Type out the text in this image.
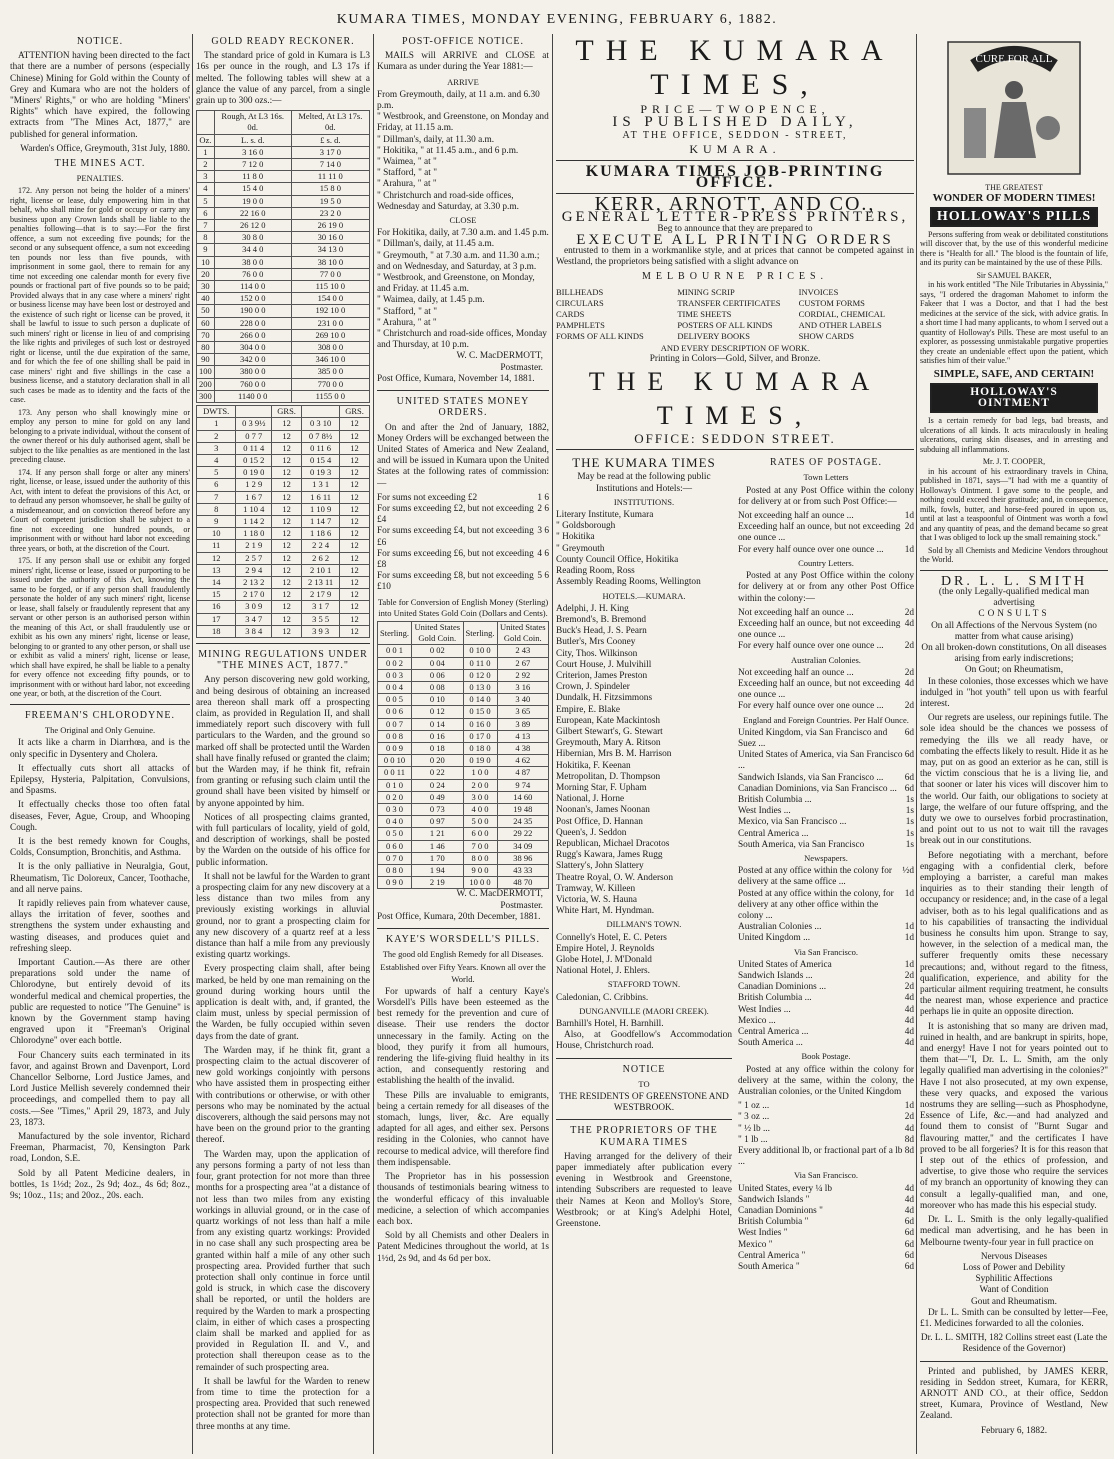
KUMARA TIMES, MONDAY EVENING, FEBRUARY 6, 1882.
NOTICE.

ATTENTION having been directed to the fact that there are a number of persons (especially Chinese) Mining for Gold within the County of Grey and Kumara who are not the holders of "Miners' Rights," or who are holding "Miners' Rights" which have expired, the following extracts from "The Mines Act, 1877," are published for general information.

Warden's Office, Greymouth, 31st July, 1880.

THE MINES ACT.
PENALTIES.

172. Any person not being the holder of a miners' right, license or lease, duly empowering him in that behalf, who shall mine for gold or occupy or carry any business upon any Crown lands shall be liable to the penalties following—that is to say:—For the first offence, a sum not exceeding five pounds; for the second or any subsequent offence, a sum not exceeding ten pounds nor less than five pounds, with imprisonment in some gaol, there to remain for any time not exceeding one calendar month for every five pounds or fractional part of five pounds so to be paid; Provided always that in any case where a miners' right or business license may have been lost or destroyed and the existence of such right or license can be proved, it shall be lawful to issue to such person a duplicate of such miners' right or license in lieu of and comprising the like rights and privileges of such lost or destroyed right or license, until the due expiration of the same, and for which the fee of one shilling shall be paid in case miners' right and five shillings in the case a business license, and a statutory declaration shall in all such cases be made as to identity and the facts of the case.

173. Any person who shall knowingly mine or employ any person to mine for gold on any land belonging to a private individual, without the consent of the owner thereof or his duly authorised agent, shall be subject to the like penalties as are mentioned in the last preceding clause.

174. If any person shall forge or alter any miners' right, license, or lease, issued under the authority of this Act, with intent to defeat the provisions of this Act, or to defraud any person whomsoever, he shall be guilty of a misdemeanour, and on conviction thereof before any Court of competent jurisdiction shall be subject to a fine not exceeding one hundred pounds, or imprisonment with or without hard labor not exceeding three years, or both, at the discretion of the Court.

175. If any person shall use or exhibit any forged miners' right, license or lease, issued or purporting to be issued under the authority of this Act, knowing the same to be forged, or if any person shall fraudulently personate the holder of any such miners' right, license or lease, shall falsely or fraudulently represent that any servant or other person is an authorised person within the meaning of this Act, or shall fraudulently use or exhibit as his own any miners' right, license or lease, belonging to or granted to any other person, or shall use or exhibit as valid a miners' right, license or lease, which shall have expired, he shall be liable to a penalty for every offence not exceeding fifty pounds, or to imprisonment with or without hard labor, not exceeding one year, or both, at the discretion of the Court.

FREEMAN'S CHLORODYNE.
The Original and Only Genuine.

It acts like a charm in Diarrhœa, and is the only specific in Dysentery and Cholera.

It effectually cuts short all attacks of Epilepsy, Hysteria, Palpitation, Convulsions, and Spasms.

It effectually checks those too often fatal diseases, Fever, Ague, Croup, and Whooping Cough.

It is the best remedy known for Coughs, Colds, Consumption, Bronchitis, and Asthma.

It is the only palliative in Neuralgia, Gout, Rheumatism, Tic Doloreux, Cancer, Toothache, and all nerve pains.

It rapidly relieves pain from whatever cause, allays the irritation of fever, soothes and strengthens the system under exhausting and wasting diseases, and produces quiet and refreshing sleep.

Important Caution.—As there are other preparations sold under the name of Chlorodyne, but entirely devoid of its wonderful medical and chemical properties, the public are requested to notice "The Genuine" is known by the Government stamp having engraved upon it "Freeman's Original Chlorodyne" over each bottle.

Four Chancery suits each terminated in its favor, and against Brown and Davenport, Lord Chancellor Selborne, Lord Justice James, and Lord Justice Mellish severely condemned their proceedings, and compelled them to pay all costs.—See "Times," April 29, 1873, and July 23, 1873.

Manufactured by the sole inventor, Richard Freeman, Pharmacist, 70, Kensington Park road, London, S.E.

Sold by all Patent Medicine dealers, in bottles, 1s 1½d; 2oz., 2s 9d; 4oz., 4s 6d; 8oz., 9s; 10oz., 11s; and 20oz., 20s. each.

GOLD READY RECKONER.

The standard price of gold in Kumara is L3 16s per ounce in the rough, and L3 17s if melted. The following tables will shew at a glance the value of any parcel, from a single grain up to 300 ozs.:—

	Rough, At L3 16s. 0d.	Melted, At L3 17s. 0d.
Oz.	L. s. d.	£ s. d.
1	3 16 0	3 17 0
2	7 12 0	7 14 0
3	11 8 0	11 11 0
4	15 4 0	15 8 0
5	19 0 0	19 5 0
6	22 16 0	23 2 0
7	26 12 0	26 19 0
8	30 8 0	30 16 0
9	34 4 0	34 13 0
10	38 0 0	38 10 0
20	76 0 0	77 0 0
30	114 0 0	115 10 0
40	152 0 0	154 0 0
50	190 0 0	192 10 0
60	228 0 0	231 0 0
70	266 0 0	269 10 0
80	304 0 0	308 0 0
90	342 0 0	346 10 0
100	380 0 0	385 0 0
200	760 0 0	770 0 0
300	1140 0 0	1155 0 0
DWTS.		GRS.		GRS.
1	0 3 9½	12	0 3 10	12
2	0 7 7	12	0 7 8½	12
3	0 11 4	12	0 11 6	12
4	0 15 2	12	0 15 4	12
5	0 19 0	12	0 19 3	12
6	1 2 9	12	1 3 1	12
7	1 6 7	12	1 6 11	12
8	1 10 4	12	1 10 9	12
9	1 14 2	12	1 14 7	12
10	1 18 0	12	1 18 6	12
11	2 1 9	12	2 2 4	12
12	2 5 7	12	2 6 2	12
13	2 9 4	12	2 10 1	12
14	2 13 2	12	2 13 11	12
15	2 17 0	12	2 17 9	12
16	3 0 9	12	3 1 7	12
17	3 4 7	12	3 5 5	12
18	3 8 4	12	3 9 3	12
MINING REGULATIONS UNDER "THE MINES ACT, 1877."

Any person discovering new gold working, and being desirous of obtaining an increased area thereon shall mark off a prospecting claim, as provided in Regulation II, and shall immediately report such discovery with full particulars to the Warden, and the ground so marked off shall be protected until the Warden shall have finally refused or granted the claim; but the Warden may, if he think fit, refrain from granting or refusing such claim until the ground shall have been visited by himself or by anyone appointed by him.

Notices of all prospecting claims granted, with full particulars of locality, yield of gold, and description of workings, shall be posted by the Warden on the outside of his office for public information.

It shall not be lawful for the Warden to grant a prospecting claim for any new discovery at a less distance than two miles from any previously existing workings in alluvial ground, nor to grant a prospecting claim for any new discovery of a quartz reef at a less distance than half a mile from any previously existing quartz workings.

Every prospecting claim shall, after being marked, be held by one man remaining on the ground during working hours until the application is dealt with, and, if granted, the claim must, unless by special permission of the Warden, be fully occupied within seven days from the date of grant.

The Warden may, if he think fit, grant a prospecting claim to the actual discoverer of new gold workings conjointly with persons who have assisted them in prospecting either with contributions or otherwise, or with other persons who may be nominated by the actual discoverers, although the said persons may not have been on the ground prior to the granting thereof.

The Warden may, upon the application of any persons forming a party of not less than four, grant protection for not more than three months for a prospecting area "at a distance of not less than two miles from any existing workings in alluvial ground, or in the case of quartz workings of not less than half a mile from any existing quartz workings: Provided in no case shall any such prospecting area be granted within half a mile of any other such prospecting area. Provided further that such protection shall only continue in force until gold is struck, in which case the discovery shall be reported, or until the holders are required by the Warden to mark a prospecting claim, in either of which cases a prospecting claim shall be marked and applied for as provided in Regulation II. and V., and protection shall thereupon cease as to the remainder of such prospecting area.

It shall be lawful for the Warden to renew from time to time the protection for a prospecting area. Provided that such renewed protection shall not be granted for more than three months at any time.

POST-OFFICE NOTICE.

MAILS will ARRIVE and CLOSE at Kumara as under during the Year 1881:—

ARRIVE
From Greymouth, daily, at 11 a.m. and 6.30 p.m.
" Westbrook, and Greenstone, on Monday and Friday, at 11.15 a.m.
" Dillman's, daily, at 11.30 a.m.
" Hokitika, " at 11.45 a.m., and 6 p.m.
" Waimea, " at "
" Stafford, " at "
" Arahura, " at "
" Christchurch and road-side offices, Wednesday and Saturday, at 3.30 p.m.
CLOSE
For Hokitika, daily, at 7.30 a.m. and 1.45 p.m.
" Dillman's, daily, at 11.45 a.m.
" Greymouth, " at 7.30 a.m. and 11.30 a.m.; and on Wednesday, and Saturday, at 3 p.m.
" Westbrook, and Greenstone, on Monday, and Friday. at 11.45 a.m.
" Waimea, daily, at 1.45 p.m.
" Stafford, " at "
" Arahura, " at "
" Christchurch and road-side offices, Monday and Thursday, at 10 p.m.
W. C. MacDERMOTT,
Postmaster.
Post Office, Kumara, November 14, 1881.
UNITED STATES MONEY ORDERS.

On and after the 2nd of January, 1882, Money Orders will be exchanged between the United States of America and New Zealand, and will be issued in Kumara upon the United States at the following rates of commission:—

For sums not exceeding £2	1 6
For sums exceeding £2, but not exceeding £4
2 6
For sums exceeding £4, but not exceeding £6
3 6
For sums exceeding £6, but not exceeding £8
4 6
For sums exceeding £8, but not exceeding £10
5 6
Table for Conversion of English Money (Sterling) into United States Gold Coin (Dollars and Cents).
Sterling.	United States Gold Coin.	Sterling.	United States Gold Coin.
0 0 1	0 02	0 10 0	2 43
0 0 2	0 04	0 11 0	2 67
0 0 3	0 06	0 12 0	2 92
0 0 4	0 08	0 13 0	3 16
0 0 5	0 10	0 14 0	3 40
0 0 6	0 12	0 15 0	3 65
0 0 7	0 14	0 16 0	3 89
0 0 8	0 16	0 17 0	4 13
0 0 9	0 18	0 18 0	4 38
0 0 10	0 20	0 19 0	4 62
0 0 11	0 22	1 0 0	4 87
0 1 0	0 24	2 0 0	9 74
0 2 0	0 49	3 0 0	14 60
0 3 0	0 73	4 0 0	19 48
0 4 0	0 97	5 0 0	24 35
0 5 0	1 21	6 0 0	29 22
0 6 0	1 46	7 0 0	34 09
0 7 0	1 70	8 0 0	38 96
0 8 0	1 94	9 0 0	43 33
0 9 0	2 19	10 0 0	48 70
W. C. MacDERMOTT,
Postmaster.
Post Office, Kumara, 20th December, 1881.
KAYE'S WORSDELL'S PILLS.
The good old English Remedy for all Diseases.
Established over Fifty Years. Known all over the World.

For upwards of half a century Kaye's Worsdell's Pills have been esteemed as the best remedy for the prevention and cure of disease. Their use renders the doctor unnecessary in the family. Acting on the blood, they purify it from all humours, rendering the life-giving fluid healthy in its action, and consequently restoring and establishing the health of the invalid.

These Pills are invaluable to emigrants, being a certain remedy for all diseases of the stomach, lungs, liver, &c. Are equally adapted for all ages, and either sex. Persons residing in the Colonies, who cannot have recourse to medical advice, will therefore find them indispensable.

The Proprietor has in his possession thousands of testimonials bearing witness to the wonderful efficacy of this invaluable medicine, a selection of which accompanies each box.

Sold by all Chemists and other Dealers in Patent Medicines throughout the world, at 1s 1½d, 2s 9d, and 4s 6d per box.

THE KUMARA TIMES,
PRICE—TWOPENCE,
IS PUBLISHED DAILY,
AT THE OFFICE, SEDDON - STREET,
KUMARA.
KUMARA TIMES JOB-PRINTING OFFICE.
KERR, ARNOTT, AND CO.,
GENERAL LETTER-PRESS PRINTERS,
Beg to announce that they are prepared to
EXECUTE ALL PRINTING ORDERS

entrusted to them in a workmanlike style, and at prices that cannot be competed against in Westland, the proprietors being satisfied with a slight advance on

MELBOURNE PRICES.
BILLHEADS
CIRCULARS
CARDS
PAMPHLETS
FORMS OF ALL KINDS
MINING SCRIP
TRANSFER CERTIFICATES
TIME SHEETS
POSTERS OF ALL KINDS
DELIVERY BOOKS
INVOICES
CUSTOM FORMS
CORDIAL, CHEMICAL
AND OTHER LABELS
SHOW CARDS
AND EVERY DESCRIPTION OF WORK.
Printing in Colors—Gold, Silver, and Bronze.
THE KUMARA TIMES,
OFFICE: SEDDON STREET.
THE KUMARA TIMES
May be read at the following public Institutions and Hotels:—
INSTITUTIONS.
Literary Institute, Kumara
" Goldsborough
" Hokitika
" Greymouth
County Council Office, Hokitika
Reading Room, Ross
Assembly Reading Rooms, Wellington
HOTELS.—KUMARA.
Adelphi, J. H. King
Bremond's, B. Bremond
Buck's Head, J. S. Pearn
Butler's, Mrs Cooney
City, Thos. Wilkinson
Court House, J. Mulvihill
Criterion, James Preston
Crown, J. Spindeler
Dundalk, H. Fitzsimmons
Empire, E. Blake
European, Kate Mackintosh
Gilbert Stewart's, G. Stewart
Greymouth, Mary A. Ritson
Hibernian, Mrs B. M. Harrison
Hokitika, F. Keenan
Metropolitan, D. Thompson
Morning Star, F. Upham
National, J. Horne
Noonan's, James Noonan
Post Office, D. Hannan
Queen's, J. Seddon
Republican, Michael Dracotos
Rugg's Kawara, James Rugg
Slattery's, John Slattery
Theatre Royal, O. W. Anderson
Tramway, W. Killeen
Victoria, W. S. Hauna
White Hart, M. Hyndman.
DILLMAN'S TOWN.
Connelly's Hotel, E. C. Peters
Empire Hotel, J. Reynolds
Globe Hotel, J. M'Donald
National Hotel, J. Ehlers.
STAFFORD TOWN.
Caledonian, C. Cribbins.
DUNGANVILLE (MAORI CREEK).
Barnhill's Hotel, H. Barnhill.

Also, at Goodfellow's Accommodation House, Christchurch road.

NOTICE
TO
THE RESIDENTS OF GREENSTONE AND WESTBROOK.
THE PROPRIETORS OF THE KUMARA TIMES

Having arranged for the delivery of their paper immediately after publication every evening in Westbrook and Greenstone, intending Subscribers are requested to leave their Names at Keon and Molloy's Store, Westbrook; or at King's Adelphi Hotel, Greenstone.

RATES OF POSTAGE.
Town Letters

Posted at any Post Office within the colony for delivery at or from such Post Office:—

Not exceeding half an ounce ...	1d
Exceeding half an ounce, but not exceeding one ounce ...
2d
For every half ounce over one ounce ...	1d
Country Letters.

Posted at any Post Office within the colony for delivery at or from any other Post Office within the colony:—

Not exceeding half an ounce ...	2d
Exceeding half an ounce, but not exceeding one ounce ...
4d
For every half ounce over one ounce ...	2d
Australian Colonies.
Not exceeding half an ounce ...	2d
Exceeding half an ounce, but not exceeding one ounce ...
4d
For every half ounce over one ounce ...	2d
England and Foreign Countries. Per Half Ounce.
United Kingdom, via San Francisco and Suez ...
6d
United States of America, via San Francisco ...
6d
Sandwich Islands, via San Francisco ...	6d
Canadian Dominions, via San Francisco ... 6d
British Columbia ...	1s
West Indies ...	1s
Mexico, via San Francisco ...	1s
Central America ...	1s
South America, via San Francisco	1s
Newspapers.
Posted at any office within the colony for delivery at the same office ...
½d
Posted at any office within the colony, for delivery at any other office within the colony ...
1d
Australian Colonies ...	1d
United Kingdom ...	1d
Via San Francisco.
United States of America	1d
Sandwich Islands ...	2d
Canadian Dominions ...	2d
British Columbia ...	4d
West Indies ...	4d
Mexico ...	4d
Central America ...	4d
South America ...	4d
Book Postage.

Posted at any office within the colony for delivery at the same, within the colony, the Australian colonies, or the United Kingdom

" 1 oz ...	1d
" 3 oz ...	2d
" ½ lb ...	4d
" 1 lb ...	8d
Every additional lb, or fractional part of a lb ...
8d
Via San Francisco.
United States, every ¼ lb	4d
Sandwich Islands "	4d
Canadian Dominions "	4d
British Columbia "	6d
West Indies "	6d
Mexico "	6d
Central America "	6d
South America "	6d
CURE FOR ALL
THE GREATEST
WONDER OF MODERN TIMES!
HOLLOWAY'S PILLS

Persons suffering from weak or debilitated constitutions will discover that, by the use of this wonderful medicine there is "Health for all." The blood is the fountain of life, and its purity can be maintained by the use of these Pills.

Sir SAMUEL BAKER,

in his work entitled "The Nile Tributaries in Abyssinia," says, "I ordered the dragoman Mahomet to inform the Fakeer that I was a Doctor, and that I had the best medicines at the service of the sick, with advice gratis. In a short time I had many applicants, to whom I served out a quantity of Holloway's Pills. These are most useful to an explorer, as possessing unmistakable purgative properties they create an undeniable effect upon the patient, which satisfies him of their value."

SIMPLE, SAFE, AND CERTAIN!
HOLLOWAY'S OINTMENT

Is a certain remedy for bad legs, bad breasts, and ulcerations of all kinds. It acts miraculously in healing ulcerations, curing skin diseases, and in arresting and subduing all inflammations.

Mr. J. T. COOPER,

in his account of his extraordinary travels in China, published in 1871, says—"I had with me a quantity of Holloway's Ointment. I gave some to the people, and nothing could exceed their gratitude; and, in consequence, milk, fowls, butter, and horse-feed poured in upon us, until at last a teaspoonful of Ointment was worth a fowl and any quantity of peas, and the demand became so great that I was obliged to lock up the small remaining stock."

Sold by all Chemists and Medicine Vendors throughout the World.

DR. L. L. SMITH
(the only Legally-qualified medical man advertising
CONSULTS
On all Affections of the Nervous System (no matter from what cause arising)
On all broken-down constitutions, On all diseases arising from early indiscretions;
On Gout; on Rheumatism,

In these colonies, those excesses which we have indulged in "hot youth" tell upon us with fearful interest.

Our regrets are useless, our repinings futile. The sole idea should be the chances we possess of remedying the ills we all ready have, or combating the effects likely to result. Hide it as he may, put on as good an exterior as he can, still is the victim conscious that he is a living lie, and that sooner or later his vices will discover him to the world. Our faith, our obligations to society at large, the welfare of our future offspring, and the duty we owe to ourselves forbid procrastination, and point out to us not to wait till the ravages break out in our constitutions.

Before negotiating with a merchant, before engaging with a confidential clerk, before employing a barrister, a careful man makes inquiries as to their standing their length of occupancy or residence; and, in the case of a legal adviser, both as to his legal qualifications and as to his capabilities of transacting the individual business he consults him upon. Strange to say, however, in the selection of a medical man, the sufferer frequently omits these necessary precautions; and, without regard to the fitness, qualification, experience, and ability for the particular ailment requiring treatment, he consults the nearest man, whose experience and practice perhaps lie in quite an opposite direction.

It is astonishing that so many are driven mad, ruined in health, and are bankrupt in spirits, hope, and energy! Have I not for years pointed out to them that—"I, Dr. L. L. Smith, am the only legally qualified man advertising in the colonies?" Have I not also prosecuted, at my own expense, these very quacks, and exposed the various nostrums they are selling—such as Phosphodyne, Essence of Life, &c.—and had analyzed and found them to consist of "Burnt Sugar and flavouring matter," and the certificates I have proved to be all forgeries? It is for this reason that I step out of the ethics of profession, and advertise, to give those who require the services of my branch an opportunity of knowing they can consult a legally-qualified man, and one, moreover who has made this his especial study.

Dr. L. L. Smith is the only legally-qualified medical man advertising, and he has been in Melbourne twenty-four year in full practice on

Nervous Diseases
Loss of Power and Debility
Syphilitic Affections
Want of Condition
Gout and Rheumatism.

Dr L. L. Smith can be consulted by letter—Fee, £1. Medicines forwarded to all the colonies.

Dr. L. L. SMITH, 182 Collins street east (Late the Residence of the Governor)

Printed and published, by JAMES KERR, residing in Seddon street, Kumara, for KERR, ARNOTT AND CO., at their office, Seddon street, Kumara, Province of Westland, New Zealand.

February 6, 1882.
